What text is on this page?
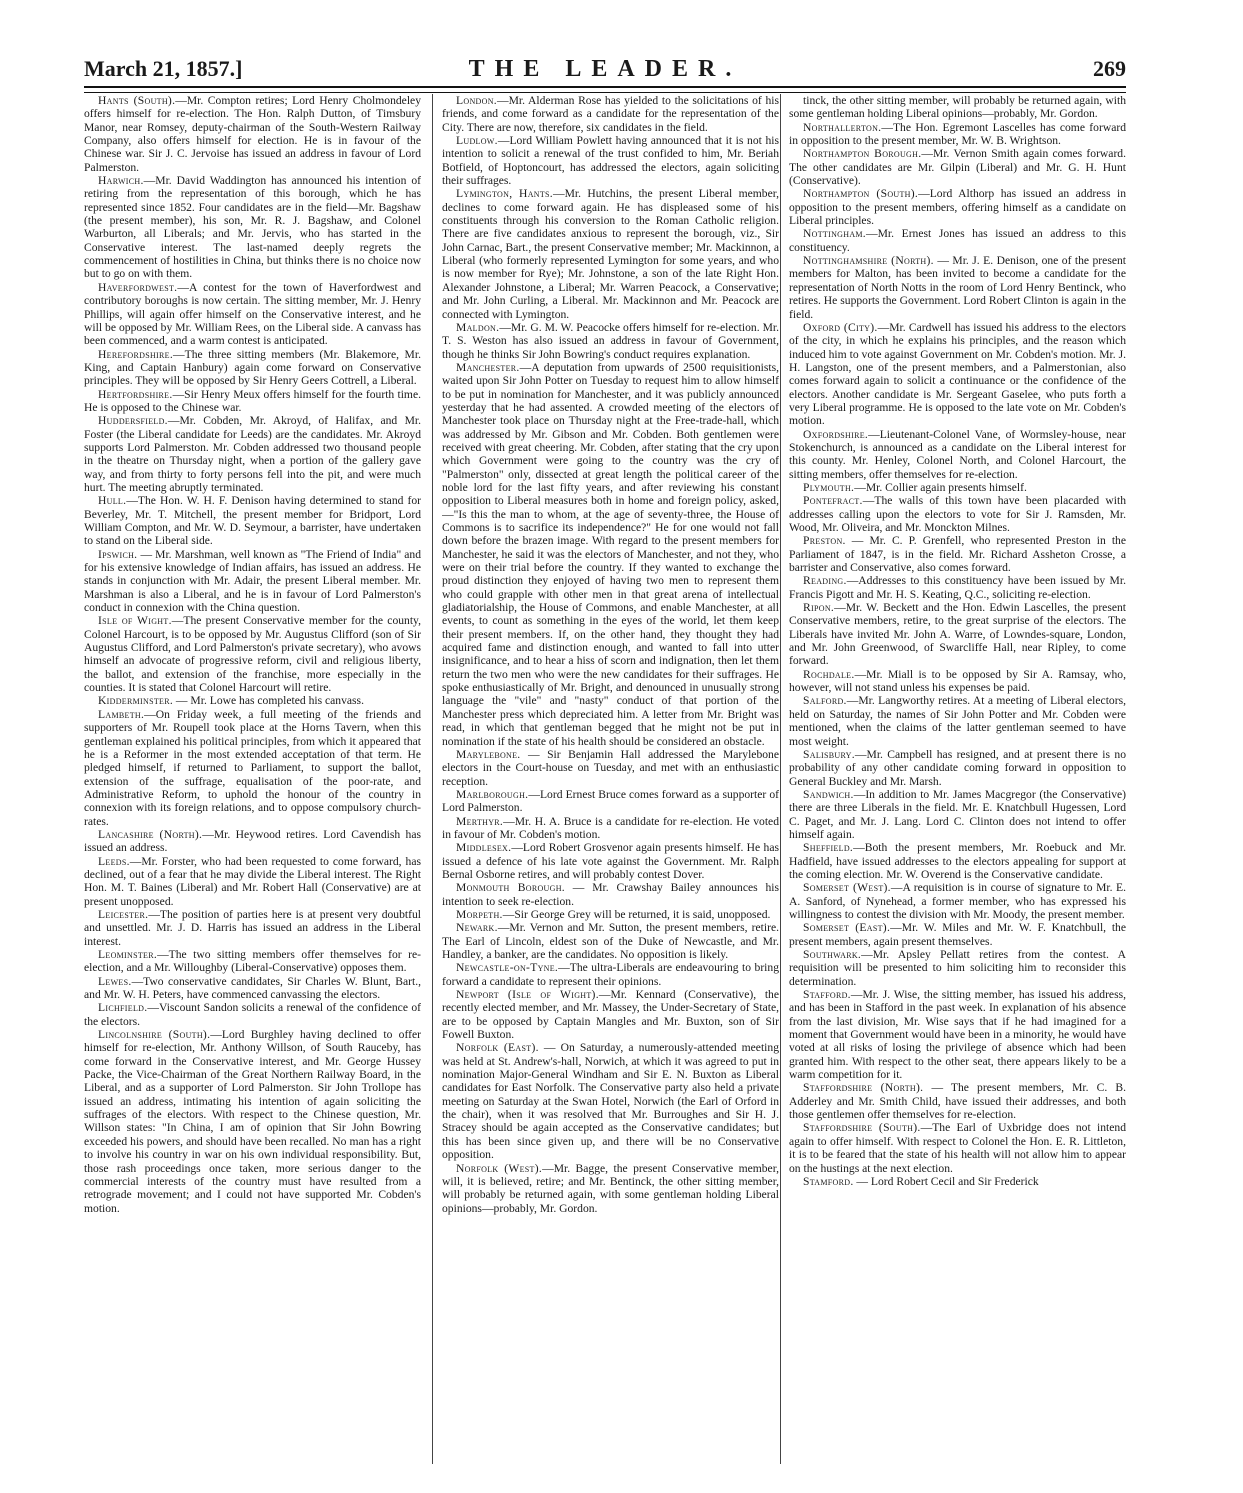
March 21, 1857.]	THE LEADER.	269

Hants (South).—Mr. Compton retires; Lord Henry Cholmondeley offers himself for re-election. The Hon. Ralph Dutton, of Timsbury Manor, near Romsey, deputy-chairman of the South-Western Railway Company, also offers himself for election. He is in favour of the Chinese war. Sir J. C. Jervoise has issued an address in favour of Lord Palmerston.

Harwich.—Mr. David Waddington has announced his intention of retiring from the representation of this borough, which he has represented since 1852. Four candidates are in the field—Mr. Bagshaw (the present member), his son, Mr. R. J. Bagshaw, and Colonel Warburton, all Liberals; and Mr. Jervis, who has started in the Conservative interest. The last-named deeply regrets the commencement of hostilities in China, but thinks there is no choice now but to go on with them.

Haverfordwest.—A contest for the town of Haverfordwest and contributory boroughs is now certain. The sitting member, Mr. J. Henry Phillips, will again offer himself on the Conservative interest, and he will be opposed by Mr. William Rees, on the Liberal side. A canvass has been commenced, and a warm contest is anticipated.

Herefordshire.—The three sitting members (Mr. Blakemore, Mr. King, and Captain Hanbury) again come forward on Conservative principles. They will be opposed by Sir Henry Geers Cottrell, a Liberal.

Hertfordshire.—Sir Henry Meux offers himself for the fourth time. He is opposed to the Chinese war.

Huddersfield.—Mr. Cobden, Mr. Akroyd, of Halifax, and Mr. Foster (the Liberal candidate for Leeds) are the candidates. Mr. Akroyd supports Lord Palmerston. Mr. Cobden addressed two thousand people in the theatre on Thursday night, when a portion of the gallery gave way, and from thirty to forty persons fell into the pit, and were much hurt. The meeting abruptly terminated.

Hull.—The Hon. W. H. F. Denison having determined to stand for Beverley, Mr. T. Mitchell, the present member for Bridport, Lord William Compton, and Mr. W. D. Seymour, a barrister, have undertaken to stand on the Liberal side.

Ipswich. — Mr. Marshman, well known as "The Friend of India" and for his extensive knowledge of Indian affairs, has issued an address. He stands in conjunction with Mr. Adair, the present Liberal member. Mr. Marshman is also a Liberal, and he is in favour of Lord Palmerston's conduct in connexion with the China question.

Isle of Wight.—The present Conservative member for the county, Colonel Harcourt, is to be opposed by Mr. Augustus Clifford (son of Sir Augustus Clifford, and Lord Palmerston's private secretary), who avows himself an advocate of progressive reform, civil and religious liberty, the ballot, and extension of the franchise, more especially in the counties. It is stated that Colonel Harcourt will retire.

Kidderminster. — Mr. Lowe has completed his canvass.

Lambeth.—On Friday week, a full meeting of the friends and supporters of Mr. Roupell took place at the Horns Tavern, when this gentleman explained his political principles, from which it appeared that he is a Reformer in the most extended acceptation of that term. He pledged himself, if returned to Parliament, to support the ballot, extension of the suffrage, equalisation of the poor-rate, and Administrative Reform, to uphold the honour of the country in connexion with its foreign relations, and to oppose compulsory church-rates.

Lancashire (North).—Mr. Heywood retires. Lord Cavendish has issued an address.

Leeds.—Mr. Forster, who had been requested to come forward, has declined, out of a fear that he may divide the Liberal interest. The Right Hon. M. T. Baines (Liberal) and Mr. Robert Hall (Conservative) are at present unopposed.

Leicester.—The position of parties here is at present very doubtful and unsettled. Mr. J. D. Harris has issued an address in the Liberal interest.

Leominster.—The two sitting members offer themselves for re-election, and a Mr. Willoughby (Liberal-Conservative) opposes them.

Lewes.—Two conservative candidates, Sir Charles W. Blunt, Bart., and Mr. W. H. Peters, have commenced canvassing the electors.

Lichfield.—Viscount Sandon solicits a renewal of the confidence of the electors.

Lincolnshire (South).—Lord Burghley having declined to offer himself for re-election, Mr. Anthony Willson, of South Rauceby, has come forward in the Conservative interest, and Mr. George Hussey Packe, the Vice-Chairman of the Great Northern Railway Board, in the Liberal, and as a supporter of Lord Palmerston. Sir John Trollope has issued an address, intimating his intention of again soliciting the suffrages of the electors. With respect to the Chinese question, Mr. Willson states: "In China, I am of opinion that Sir John Bowring exceeded his powers, and should have been recalled. No man has a right to involve his country in war on his own individual responsibility. But, those rash proceedings once taken, more serious danger to the commercial interests of the country must have resulted from a retrograde movement; and I could not have supported Mr. Cobden's motion.

London.—Mr. Alderman Rose has yielded to the solicitations of his friends, and come forward as a candidate for the representation of the City. There are now, therefore, six candidates in the field.

Ludlow.—Lord William Powlett having announced that it is not his intention to solicit a renewal of the trust confided to him, Mr. Beriah Botfield, of Hoptoncourt, has addressed the electors, again soliciting their suffrages.

Lymington, Hants.—Mr. Hutchins, the present Liberal member, declines to come forward again. He has displeased some of his constituents through his conversion to the Roman Catholic religion. There are five candidates anxious to represent the borough, viz., Sir John Carnac, Bart., the present Conservative member; Mr. Mackinnon, a Liberal (who formerly represented Lymington for some years, and who is now member for Rye); Mr. Johnstone, a son of the late Right Hon. Alexander Johnstone, a Liberal; Mr. Warren Peacock, a Conservative; and Mr. John Curling, a Liberal. Mr. Mackinnon and Mr. Peacock are connected with Lymington.

Maldon.—Mr. G. M. W. Peacocke offers himself for re-election. Mr. T. S. Weston has also issued an address in favour of Government, though he thinks Sir John Bowring's conduct requires explanation.

Manchester.—A deputation from upwards of 2500 requisitionists, waited upon Sir John Potter on Tuesday to request him to allow himself to be put in nomination for Manchester, and it was publicly announced yesterday that he had assented. A crowded meeting of the electors of Manchester took place on Thursday night at the Free-trade-hall, which was addressed by Mr. Gibson and Mr. Cobden. Both gentlemen were received with great cheering. Mr. Cobden, after stating that the cry upon which Government were going to the country was the cry of "Palmerston" only, dissected at great length the political career of the noble lord for the last fifty years, and after reviewing his constant opposition to Liberal measures both in home and foreign policy, asked, —"Is this the man to whom, at the age of seventy-three, the House of Commons is to sacrifice its independence?" He for one would not fall down before the brazen image. With regard to the present members for Manchester, he said it was the electors of Manchester, and not they, who were on their trial before the country. If they wanted to exchange the proud distinction they enjoyed of having two men to represent them who could grapple with other men in that great arena of intellectual gladiatorialship, the House of Commons, and enable Manchester, at all events, to count as something in the eyes of the world, let them keep their present members. If, on the other hand, they thought they had acquired fame and distinction enough, and wanted to fall into utter insignificance, and to hear a hiss of scorn and indignation, then let them return the two men who were the new candidates for their suffrages. He spoke enthusiastically of Mr. Bright, and denounced in unusually strong language the "vile" and "nasty" conduct of that portion of the Manchester press which depreciated him. A letter from Mr. Bright was read, in which that gentleman begged that he might not be put in nomination if the state of his health should be considered an obstacle.

Marylebone. — Sir Benjamin Hall addressed the Marylebone electors in the Court-house on Tuesday, and met with an enthusiastic reception.

Marlborough.—Lord Ernest Bruce comes forward as a supporter of Lord Palmerston.

Merthyr.—Mr. H. A. Bruce is a candidate for re-election. He voted in favour of Mr. Cobden's motion.

Middlesex.—Lord Robert Grosvenor again presents himself. He has issued a defence of his late vote against the Government. Mr. Ralph Bernal Osborne retires, and will probably contest Dover.

Monmouth Borough. — Mr. Crawshay Bailey announces his intention to seek re-election.

Morpeth.—Sir George Grey will be returned, it is said, unopposed.

Newark.—Mr. Vernon and Mr. Sutton, the present members, retire. The Earl of Lincoln, eldest son of the Duke of Newcastle, and Mr. Handley, a banker, are the candidates. No opposition is likely.

Newcastle-on-Tyne.—The ultra-Liberals are endeavouring to bring forward a candidate to represent their opinions.

Newport (Isle of Wight).—Mr. Kennard (Conservative), the recently elected member, and Mr. Massey, the Under-Secretary of State, are to be opposed by Captain Mangles and Mr. Buxton, son of Sir Fowell Buxton.

Norfolk (East). — On Saturday, a numerously-attended meeting was held at St. Andrew's-hall, Norwich, at which it was agreed to put in nomination Major-General Windham and Sir E. N. Buxton as Liberal candidates for East Norfolk. The Conservative party also held a private meeting on Saturday at the Swan Hotel, Norwich (the Earl of Orford in the chair), when it was resolved that Mr. Burroughes and Sir H. J. Stracey should be again accepted as the Conservative candidates; but this has been since given up, and there will be no Conservative opposition.

Norfolk (West).—Mr. Bagge, the present Conservative member, will, it is believed, retire; and Mr. Bentinck, the other sitting member, will probably be returned again, with some gentleman holding Liberal opinions—probably, Mr. Gordon.

tinck, the other sitting member, will probably be returned again, with some gentleman holding Liberal opinions—probably, Mr. Gordon.

Northallerton.—The Hon. Egremont Lascelles has come forward in opposition to the present member, Mr. W. B. Wrightson.

Northampton Borough.—Mr. Vernon Smith again comes forward. The other candidates are Mr. Gilpin (Liberal) and Mr. G. H. Hunt (Conservative).

Northampton (South).—Lord Althorp has issued an address in opposition to the present members, offering himself as a candidate on Liberal principles.

Nottingham.—Mr. Ernest Jones has issued an address to this constituency.

Nottinghamshire (North). — Mr. J. E. Denison, one of the present members for Malton, has been invited to become a candidate for the representation of North Notts in the room of Lord Henry Bentinck, who retires. He supports the Government. Lord Robert Clinton is again in the field.

Oxford (City).—Mr. Cardwell has issued his address to the electors of the city, in which he explains his principles, and the reason which induced him to vote against Government on Mr. Cobden's motion. Mr. J. H. Langston, one of the present members, and a Palmerstonian, also comes forward again to solicit a continuance or the confidence of the electors. Another candidate is Mr. Sergeant Gaselee, who puts forth a very Liberal programme. He is opposed to the late vote on Mr. Cobden's motion.

Oxfordshire.—Lieutenant-Colonel Vane, of Wormsley-house, near Stokenchurch, is announced as a candidate on the Liberal interest for this county. Mr. Henley, Colonel North, and Colonel Harcourt, the sitting members, offer themselves for re-election.

Plymouth.—Mr. Collier again presents himself.

Pontefract.—The walls of this town have been placarded with addresses calling upon the electors to vote for Sir J. Ramsden, Mr. Wood, Mr. Oliveira, and Mr. Monckton Milnes.

Preston. — Mr. C. P. Grenfell, who represented Preston in the Parliament of 1847, is in the field. Mr. Richard Assheton Crosse, a barrister and Conservative, also comes forward.

Reading.—Addresses to this constituency have been issued by Mr. Francis Pigott and Mr. H. S. Keating, Q.C., soliciting re-election.

Ripon.—Mr. W. Beckett and the Hon. Edwin Lascelles, the present Conservative members, retire, to the great surprise of the electors. The Liberals have invited Mr. John A. Warre, of Lowndes-square, London, and Mr. John Greenwood, of Swarcliffe Hall, near Ripley, to come forward.

Rochdale.—Mr. Miall is to be opposed by Sir A. Ramsay, who, however, will not stand unless his expenses be paid.

Salford.—Mr. Langworthy retires. At a meeting of Liberal electors, held on Saturday, the names of Sir John Potter and Mr. Cobden were mentioned, when the claims of the latter gentleman seemed to have most weight.

Salisbury.—Mr. Campbell has resigned, and at present there is no probability of any other candidate coming forward in opposition to General Buckley and Mr. Marsh.

Sandwich.—In addition to Mr. James Macgregor (the Conservative) there are three Liberals in the field. Mr. E. Knatchbull Hugessen, Lord C. Paget, and Mr. J. Lang. Lord C. Clinton does not intend to offer himself again.

Sheffield.—Both the present members, Mr. Roebuck and Mr. Hadfield, have issued addresses to the electors appealing for support at the coming election. Mr. W. Overend is the Conservative candidate.

Somerset (West).—A requisition is in course of signature to Mr. E. A. Sanford, of Nynehead, a former member, who has expressed his willingness to contest the division with Mr. Moody, the present member.

Somerset (East).—Mr. W. Miles and Mr. W. F. Knatchbull, the present members, again present themselves.

Southwark.—Mr. Apsley Pellatt retires from the contest. A requisition will be presented to him soliciting him to reconsider this determination.

Stafford.—Mr. J. Wise, the sitting member, has issued his address, and has been in Stafford in the past week. In explanation of his absence from the last division, Mr. Wise says that if he had imagined for a moment that Government would have been in a minority, he would have voted at all risks of losing the privilege of absence which had been granted him. With respect to the other seat, there appears likely to be a warm competition for it.

Staffordshire (North). — The present members, Mr. C. B. Adderley and Mr. Smith Child, have issued their addresses, and both those gentlemen offer themselves for re-election.

Staffordshire (South).—The Earl of Uxbridge does not intend again to offer himself. With respect to Colonel the Hon. E. R. Littleton, it is to be feared that the state of his health will not allow him to appear on the hustings at the next election.

Stamford. — Lord Robert Cecil and Sir Frederick
